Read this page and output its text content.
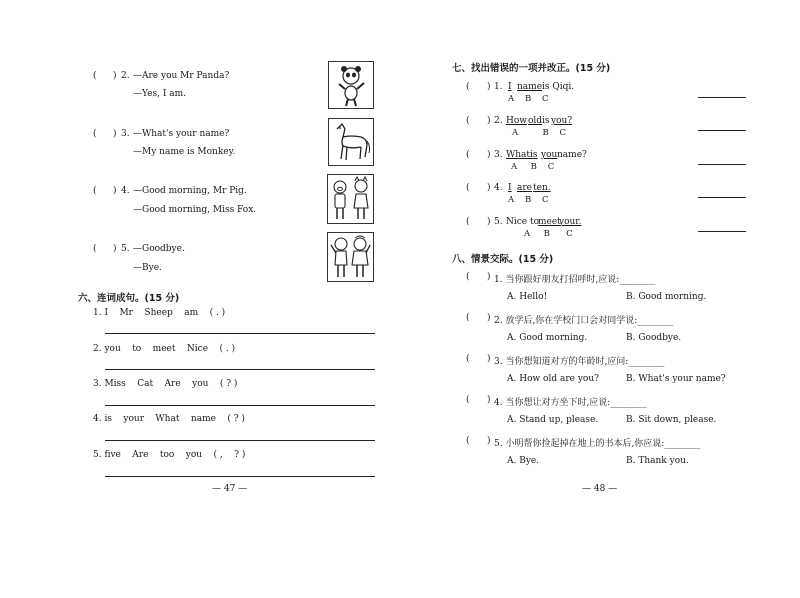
( ) 2. —Are you Mr Panda?
—Yes, I am.
( ) 3. —What's your name?
—My name is Monkey.
( ) 4. —Good morning, Mr Pig.
—Good morning, Miss Fox.
( ) 5. —Goodbye.
—Bye.
六、连词成句。(15 分)
1. I    Mr    Sheep    am    ( . )
2. you    to    meet    Nice    ( . )
3. Miss    Cat    Are    you    ( ? )
4. is    your    What    name    ( ? )
5. five    Are    too    you    ( ,    ? )
— 47 —
七、找出错误的一项并改正。(15 分)
( ) 1. I name is Qiqi.
A    B    C
( ) 2. How old is you?
A         B    C
( ) 3. What is you name?
A     B    C
( ) 4. I are ten.
A    B    C
( ) 5. Nice to
meet
your.
A     B      C
八、情景交际。(15 分)
( ) 1. 当你跟好朋友打招呼时,应说:________
A. Hello!	B. Good morning.
( ) 2. 放学后,你在学校门口会对同学说:________
A. Good morning.	B. Goodbye.
( ) 3. 当你想知道对方的年龄时,应问:________
A. How old are you?	B. What's your name?
( ) 4. 当你想让对方坐下时,应说:________
A. Stand up, please.	B. Sit down, please.
( ) 5. 小明帮你捡起掉在地上的书本后,你应说:________
A. Bye.	B. Thank you.
— 48 —
